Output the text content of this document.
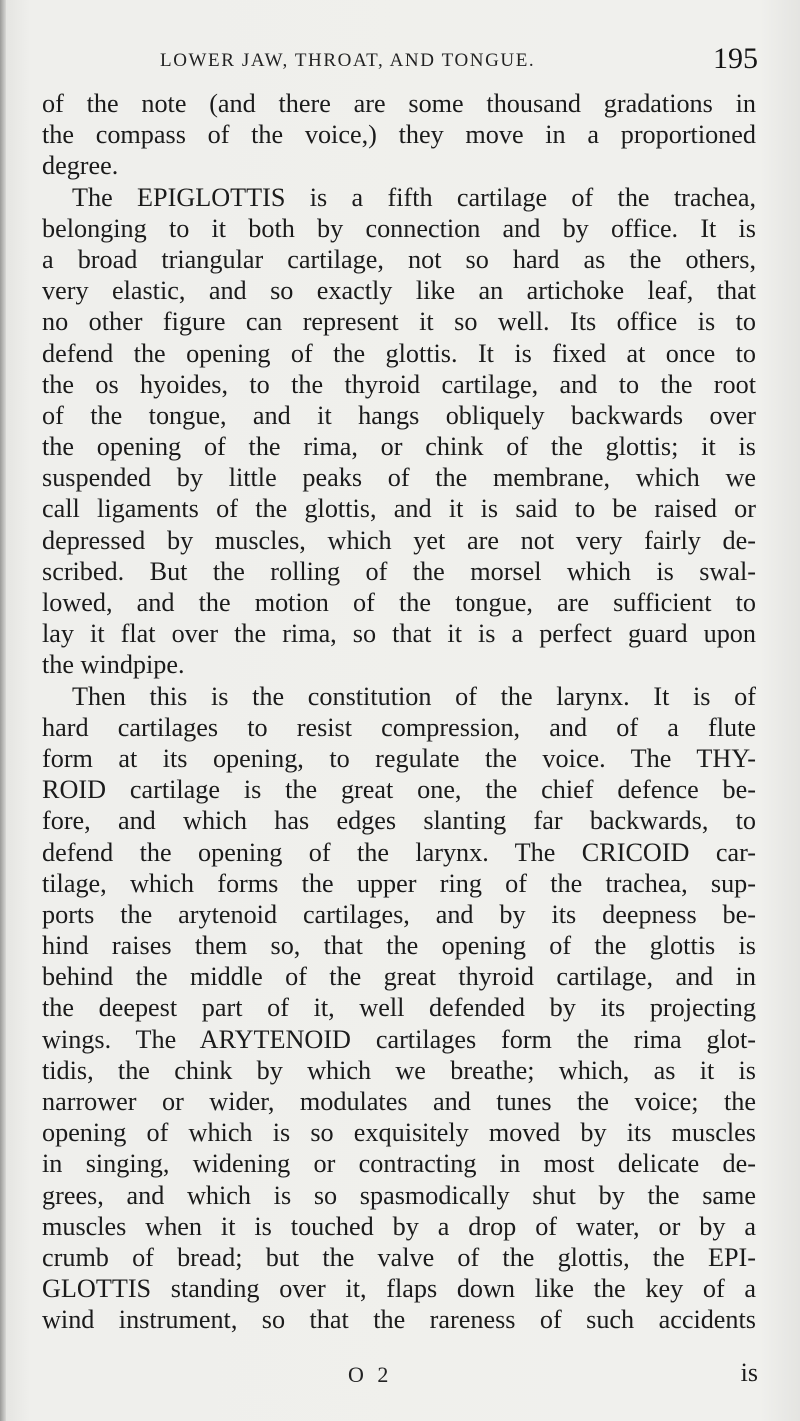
LOWER JAW, THROAT, AND TONGUE.	195
of the note (and there are some thousand gradations in
the compass of the voice,) they move in a proportioned
degree.
The EPIGLOTTIS is a fifth cartilage of the trachea,
belonging to it both by connection and by office. It is
a broad triangular cartilage, not so hard as the others,
very elastic, and so exactly like an artichoke leaf, that
no other figure can represent it so well. Its office is to
defend the opening of the glottis. It is fixed at once to
the os hyoides, to the thyroid cartilage, and to the root
of the tongue, and it hangs obliquely backwards over
the opening of the rima, or chink of the glottis; it is
suspended by little peaks of the membrane, which we
call ligaments of the glottis, and it is said to be raised or
depressed by muscles, which yet are not very fairly de-
scribed. But the rolling of the morsel which is swal-
lowed, and the motion of the tongue, are sufficient to
lay it flat over the rima, so that it is a perfect guard upon
the windpipe.
Then this is the constitution of the larynx. It is of
hard cartilages to resist compression, and of a flute
form at its opening, to regulate the voice. The THY-
ROID cartilage is the great one, the chief defence be-
fore, and which has edges slanting far backwards, to
defend the opening of the larynx. The CRICOID car-
tilage, which forms the upper ring of the trachea, sup-
ports the arytenoid cartilages, and by its deepness be-
hind raises them so, that the opening of the glottis is
behind the middle of the great thyroid cartilage, and in
the deepest part of it, well defended by its projecting
wings. The ARYTENOID cartilages form the rima glot-
tidis, the chink by which we breathe; which, as it is
narrower or wider, modulates and tunes the voice; the
opening of which is so exquisitely moved by its muscles
in singing, widening or contracting in most delicate de-
grees, and which is so spasmodically shut by the same
muscles when it is touched by a drop of water, or by a
crumb of bread; but the valve of the glottis, the EPI-
GLOTTIS standing over it, flaps down like the key of a
wind instrument, so that the rareness of such accidents
O 2	is
